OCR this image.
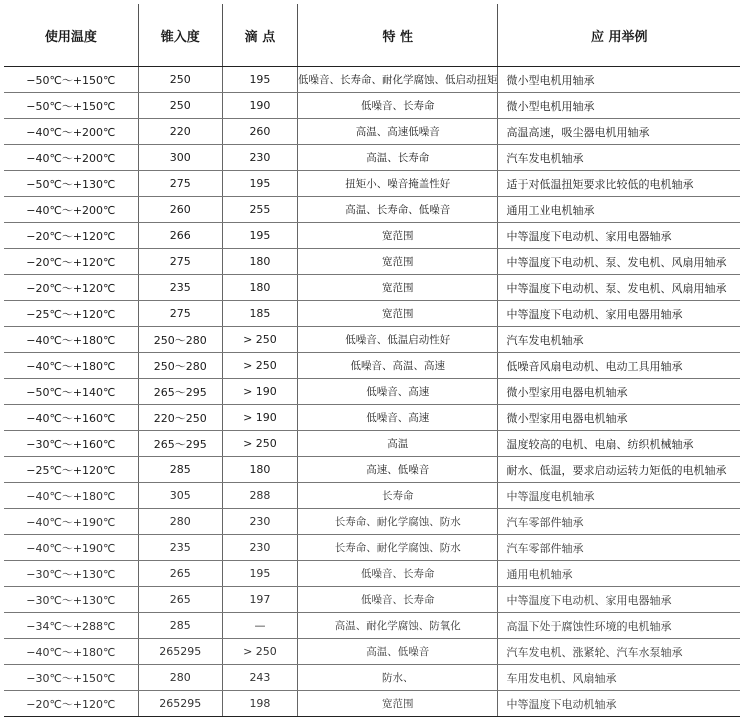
使用温度	锥入度	滴 点	特 性	应 用举例
−50℃～+150℃	250	195	低噪音、长寿命、耐化学腐蚀、低启动扭矩	微小型电机用轴承
−50℃～+150℃	250	190	低噪音、长寿命	微小型电机用轴承
−40℃～+200℃	220	260	高温、高速低噪音	高温高速，吸尘器电机用轴承
−40℃～+200℃	300	230	高温、长寿命	汽车发电机轴承
−50℃～+130℃	275	195	扭矩小、噪音掩盖性好	适于对低温扭矩要求比较低的电机轴承
−40℃～+200℃	260	255	高温、长寿命、低噪音	通用工业电机轴承
−20℃～+120℃	266	195	宽范围	中等温度下电动机、家用电器轴承
−20℃～+120℃	275	180	宽范围	中等温度下电动机、泵、发电机、风扇用轴承
−20℃～+120℃	235	180	宽范围	中等温度下电动机、泵、发电机、风扇用轴承
−25℃～+120℃	275	185	宽范围	中等温度下电动机、家用电器用轴承
−40℃～+180℃	250～280	> 250	低噪音、低温启动性好	汽车发电机轴承
−40℃～+180℃	250～280	> 250	低噪音、高温、高速	低噪音风扇电动机、电动工具用轴承
−50℃～+140℃	265～295	> 190	低噪音、高速	微小型家用电器电机轴承
−40℃～+160℃	220～250	> 190	低噪音、高速	微小型家用电器电机轴承
−30℃～+160℃	265～295	> 250	高温	温度较高的电机、电扇、纺织机械轴承
−25℃～+120℃	285	180	高速、低噪音	耐水、低温，要求启动运转力矩低的电机轴承
−40℃～+180℃	305	288	长寿命	中等温度电机轴承
−40℃～+190℃	280	230	长寿命、耐化学腐蚀、防水	汽车零部件轴承
−40℃～+190℃	235	230	长寿命、耐化学腐蚀、防水	汽车零部件轴承
−30℃～+130℃	265	195	低噪音、长寿命	通用电机轴承
−30℃～+130℃	265	197	低噪音、长寿命	中等温度下电动机、家用电器轴承
−34℃～+288℃	285	—	高温、耐化学腐蚀、防氧化	高温下处于腐蚀性环境的电机轴承
−40℃～+180℃	265295	> 250	高温、低噪音	汽车发电机、涨紧轮、汽车水泵轴承
−30℃～+150℃	280	243	防水、	车用发电机、风扇轴承
−20℃～+120℃	265295	198	宽范围	中等温度下电动机轴承
